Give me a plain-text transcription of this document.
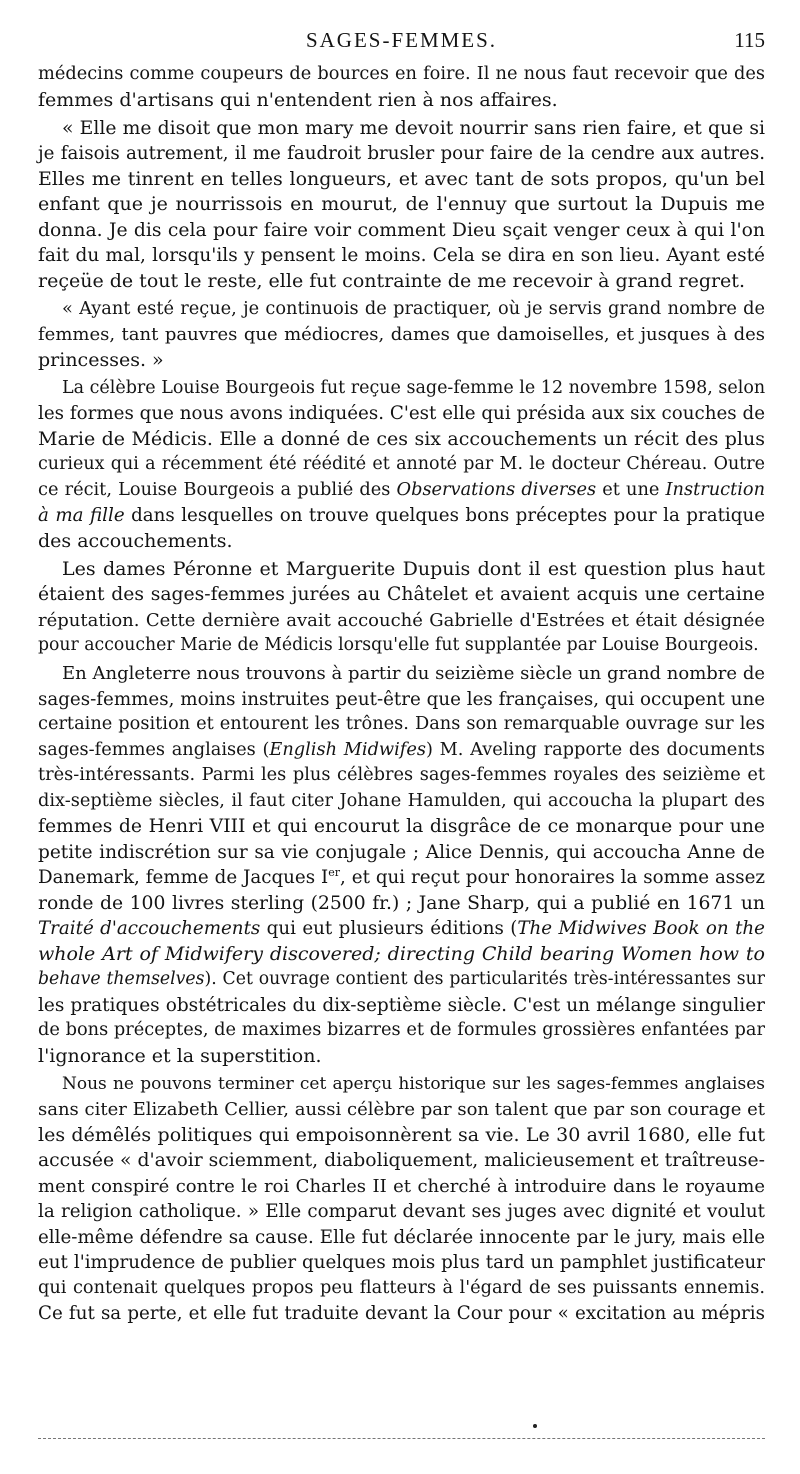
SAGES-FEMMES.	115
médecins comme coupeurs de bources en foire. Il ne nous faut recevoir que des
femmes d'artisans qui n'entendent rien à nos affaires.
« Elle me disoit que mon mary me devoit nourrir sans rien faire, et que si
je faisois autrement, il me faudroit brusler pour faire de la cendre aux autres.
Elles me tinrent en telles longueurs, et avec tant de sots propos, qu'un bel
enfant que je nourrissois en mourut, de l'ennuy que surtout la Dupuis me
donna. Je dis cela pour faire voir comment Dieu sçait venger ceux à qui l'on
fait du mal, lorsqu'ils y pensent le moins. Cela se dira en son lieu. Ayant esté
reçeüe de tout le reste, elle fut contrainte de me recevoir à grand regret.
« Ayant esté reçue, je continuois de practiquer, où je servis grand nombre de
femmes, tant pauvres que médiocres, dames que damoiselles, et jusques à des
princesses. »
La célèbre Louise Bourgeois fut reçue sage-femme le 12 novembre 1598, selon
les formes que nous avons indiquées. C'est elle qui présida aux six couches de
Marie de Médicis. Elle a donné de ces six accouchements un récit des plus
curieux qui a récemment été réédité et annoté par M. le docteur Chéreau. Outre
ce récit, Louise Bourgeois a publié des Observations diverses et une Instruction
à ma fille dans lesquelles on trouve quelques bons préceptes pour la pratique
des accouchements.
Les dames Péronne et Marguerite Dupuis dont il est question plus haut
étaient des sages-femmes jurées au Châtelet et avaient acquis une certaine
réputation. Cette dernière avait accouché Gabrielle d'Estrées et était désignée
pour accoucher Marie de Médicis lorsqu'elle fut supplantée par Louise Bourgeois.
En Angleterre nous trouvons à partir du seizième siècle un grand nombre de
sages-femmes, moins instruites peut-être que les françaises, qui occupent une
certaine position et entourent les trônes. Dans son remarquable ouvrage sur les
sages-femmes anglaises (English Midwifes) M. Aveling rapporte des documents
très-intéressants. Parmi les plus célèbres sages-femmes royales des seizième et
dix-septième siècles, il faut citer Johane Hamulden, qui accoucha la plupart des
femmes de Henri VIII et qui encourut la disgrâce de ce monarque pour une
petite indiscrétion sur sa vie conjugale ; Alice Dennis, qui accoucha Anne de
Danemark, femme de Jacques Ier, et qui reçut pour honoraires la somme assez
ronde de 100 livres sterling (2500 fr.) ; Jane Sharp, qui a publié en 1671 un
Traité d'accouchements qui eut plusieurs éditions (The Midwives Book on the
whole Art of Midwifery discovered; directing Child bearing Women how to
behave themselves). Cet ouvrage contient des particularités très-intéressantes sur
les pratiques obstétricales du dix-septième siècle. C'est un mélange singulier
de bons préceptes, de maximes bizarres et de formules grossières enfantées par
l'ignorance et la superstition.
Nous ne pouvons terminer cet aperçu historique sur les sages-femmes anglaises
sans citer Elizabeth Cellier, aussi célèbre par son talent que par son courage et
les démêlés politiques qui empoisonnèrent sa vie. Le 30 avril 1680, elle fut
accusée « d'avoir sciemment, diaboliquement, malicieusement et traîtreuse-
ment conspiré contre le roi Charles II et cherché à introduire dans le royaume
la religion catholique. » Elle comparut devant ses juges avec dignité et voulut
elle-même défendre sa cause. Elle fut déclarée innocente par le jury, mais elle
eut l'imprudence de publier quelques mois plus tard un pamphlet justificateur
qui contenait quelques propos peu flatteurs à l'égard de ses puissants ennemis.
Ce fut sa perte, et elle fut traduite devant la Cour pour « excitation au mépris
